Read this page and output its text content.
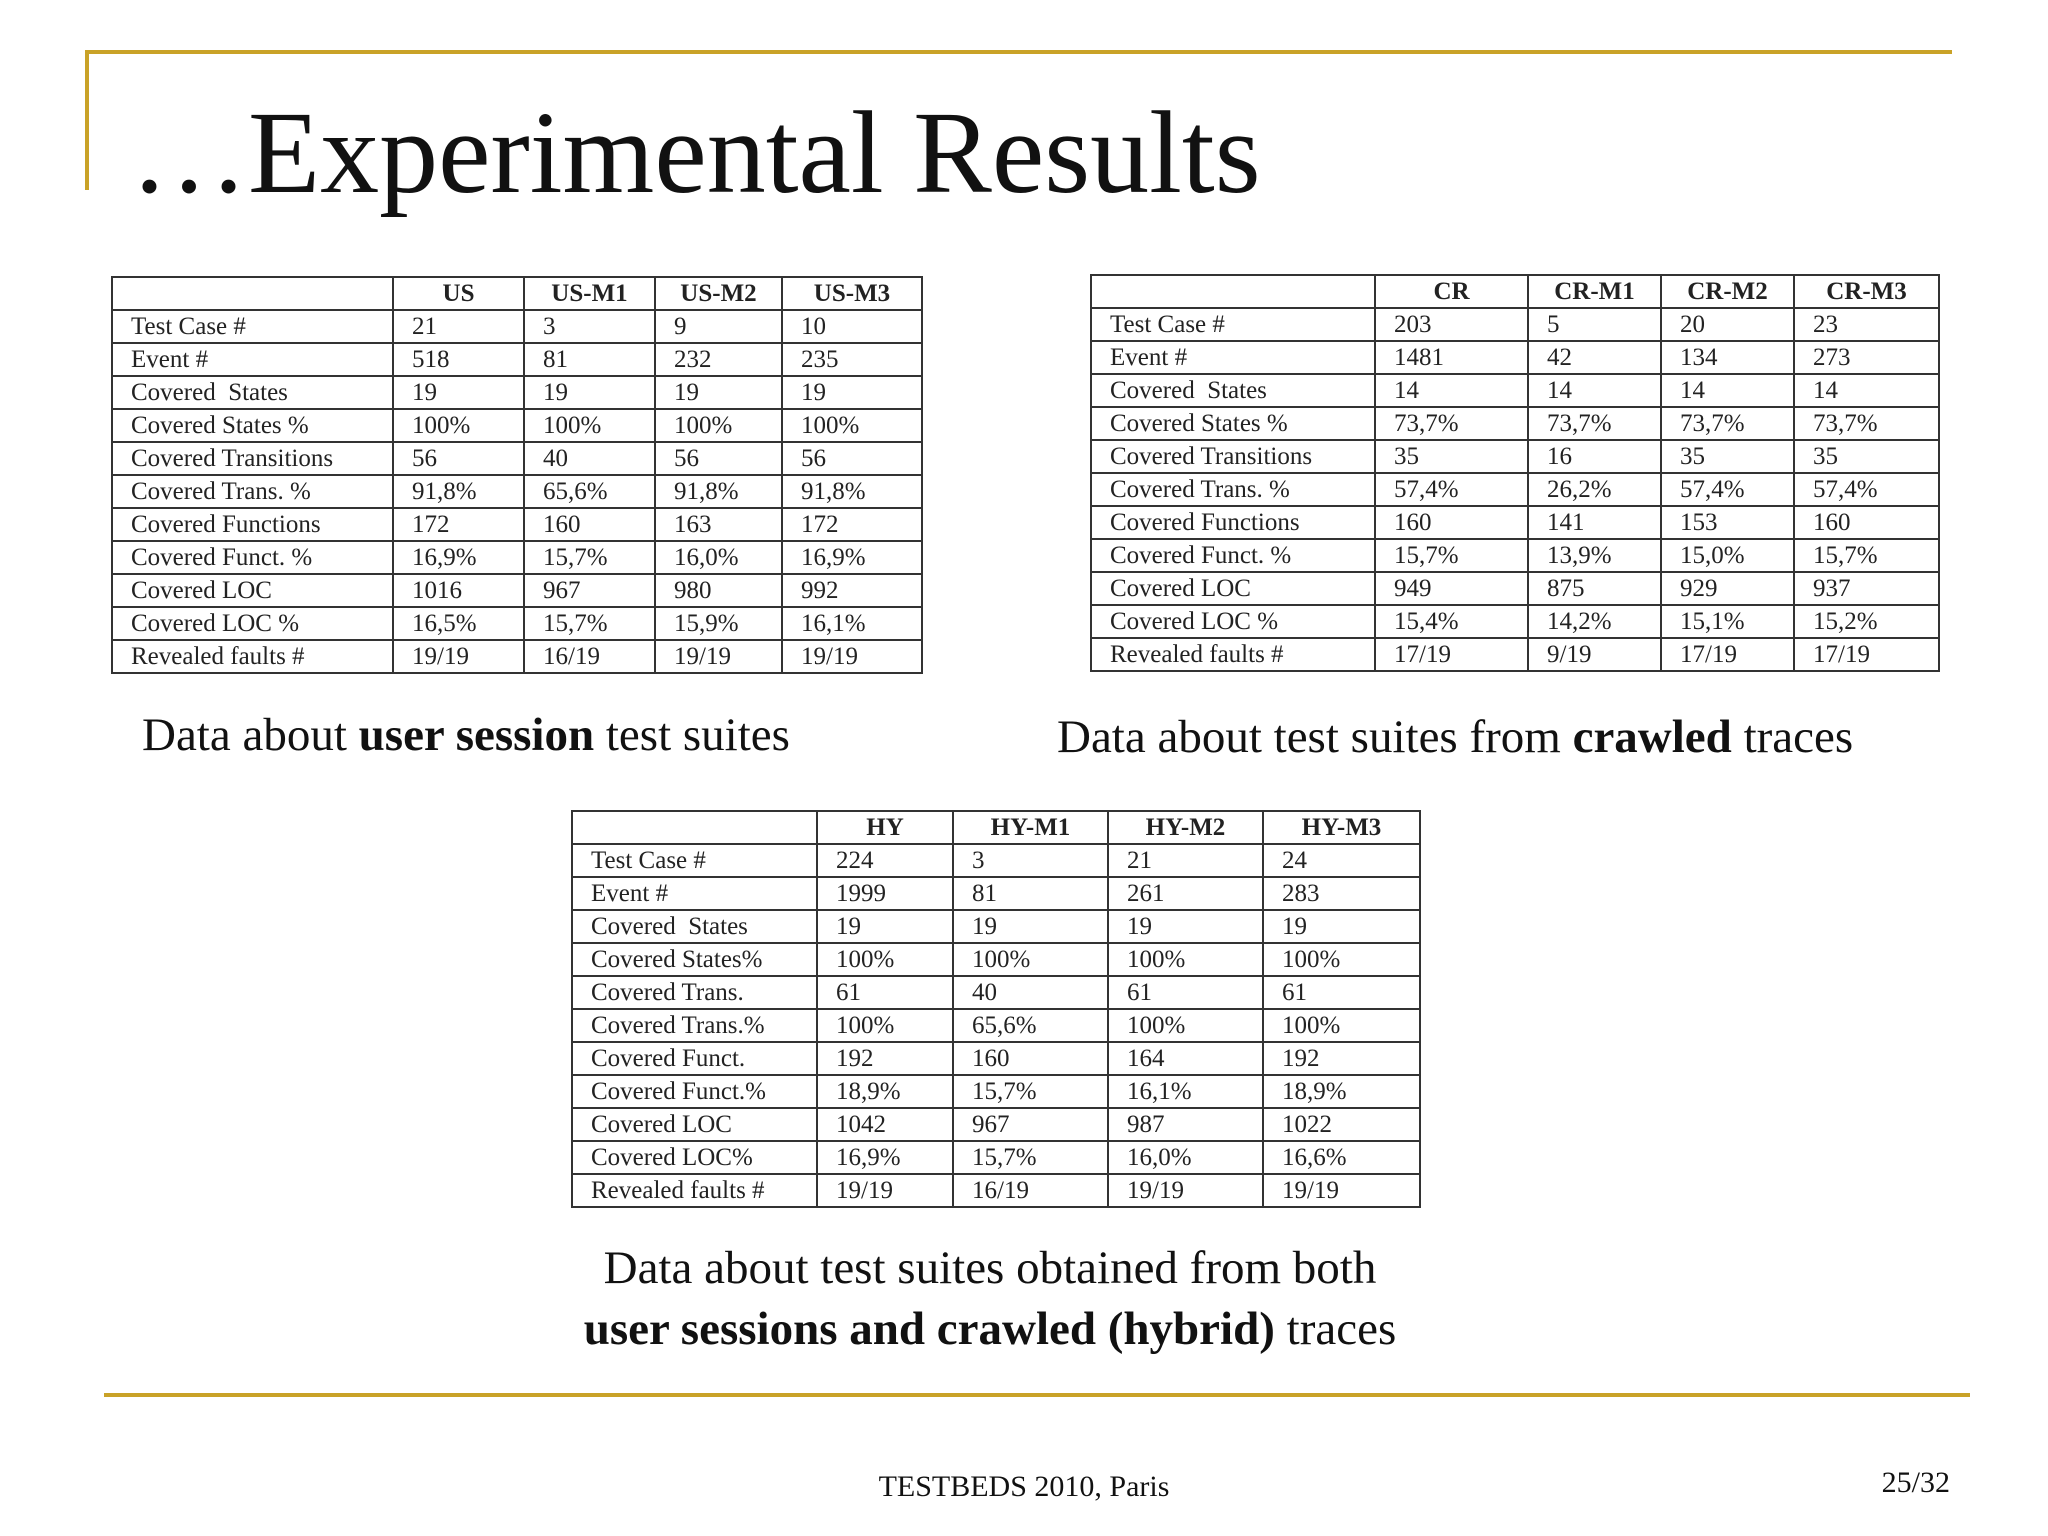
…Experimental Results
	US	US-M1	US-M2	US-M3
Test Case #	21	3	9	10
Event #	518	81	232	235
Covered  States	19	19	19	19
Covered States %	100%	100%	100%	100%
Covered Transitions	56	40	56	56
Covered Trans. %	91,8%	65,6%	91,8%	91,8%
Covered Functions	172	160	163	172
Covered Funct. %	16,9%	15,7%	16,0%	16,9%
Covered LOC	1016	967	980	992
Covered LOC %	16,5%	15,7%	15,9%	16,1%
Revealed faults #	19/19	16/19	19/19	19/19
	CR	CR-M1	CR-M2	CR-M3
Test Case #	203	5	20	23
Event #	1481	42	134	273
Covered  States	14	14	14	14
Covered States %	73,7%	73,7%	73,7%	73,7%
Covered Transitions	35	16	35	35
Covered Trans. %	57,4%	26,2%	57,4%	57,4%
Covered Functions	160	141	153	160
Covered Funct. %	15,7%	13,9%	15,0%	15,7%
Covered LOC	949	875	929	937
Covered LOC %	15,4%	14,2%	15,1%	15,2%
Revealed faults #	17/19	9/19	17/19	17/19
	HY	HY-M1	HY-M2	HY-M3
Test Case #	224	3	21	24
Event #	1999	81	261	283
Covered  States	19	19	19	19
Covered States%	100%	100%	100%	100%
Covered Trans.	61	40	61	61
Covered Trans.%	100%	65,6%	100%	100%
Covered Funct.	192	160	164	192
Covered Funct.%	18,9%	15,7%	16,1%	18,9%
Covered LOC	1042	967	987	1022
Covered LOC%	16,9%	15,7%	16,0%	16,6%
Revealed faults #	19/19	16/19	19/19	19/19

Data about user session test suites	Data about test suites from crawled traces

Data about test suites obtained from both
user sessions and crawled (hybrid) traces

TESTBEDS 2010, Paris	25/32
